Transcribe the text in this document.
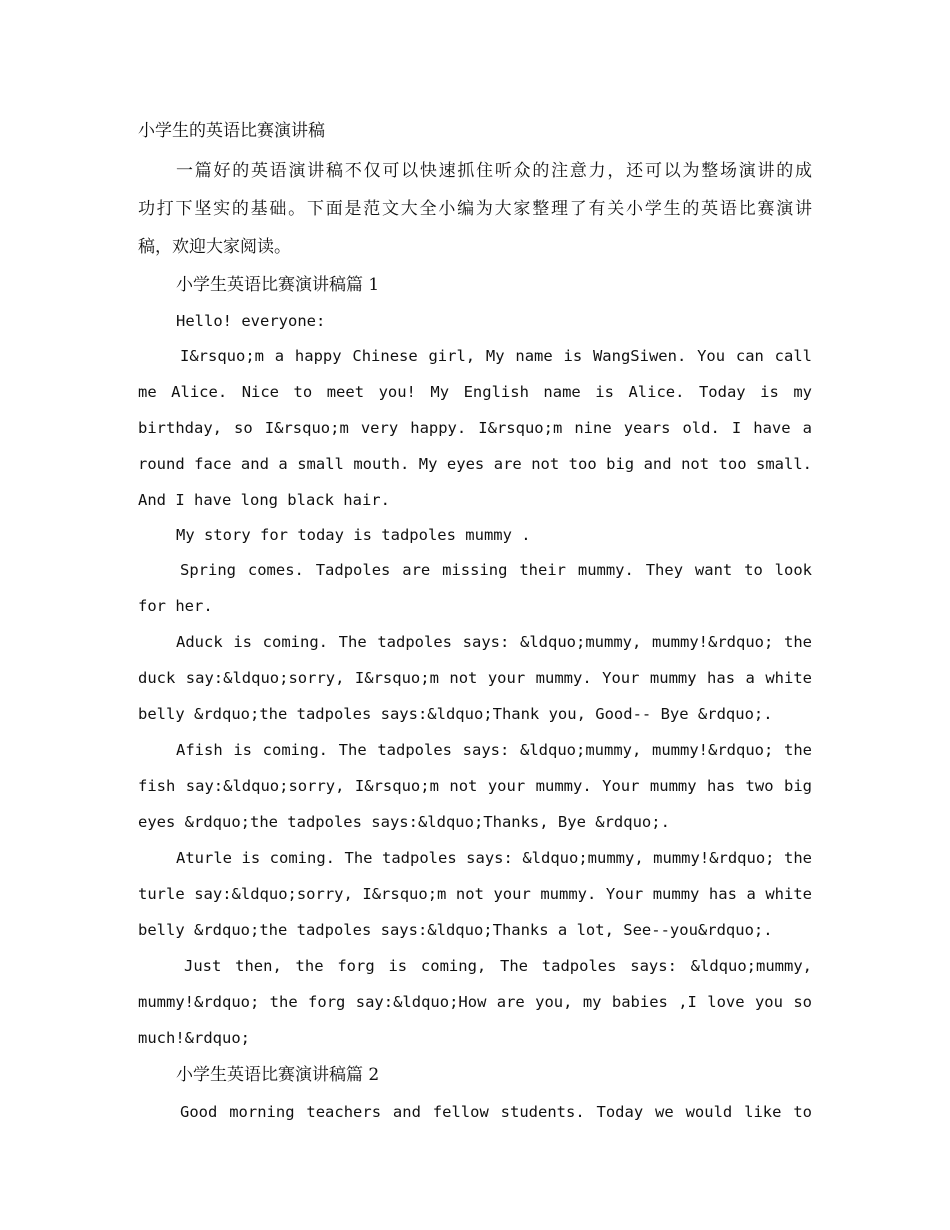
小学生的英语比赛演讲稿
一篇好的英语演讲稿不仅可以快速抓住听众的注意力，还可以为整场演讲的成
功打下坚实的基础。下面是范文大全小编为大家整理了有关小学生的英语比赛演讲
稿，欢迎大家阅读。
小学生英语比赛演讲稿篇 1
Hello! everyone:
I&rsquo;m a happy Chinese girl, My name is WangSiwen. You can call
me Alice. Nice to meet you! My English name is Alice. Today is my
birthday, so I&rsquo;m very happy. I&rsquo;m nine years old. I have a
round face and a small mouth. My eyes are not too big and not too small.
And I have long black hair.
My story for today is tadpoles mummy .
Spring comes. Tadpoles are missing their mummy. They want to look
for her.
Aduck is coming. The tadpoles says: &ldquo;mummy, mummy!&rdquo; the
duck say:&ldquo;sorry, I&rsquo;m not your mummy. Your mummy has a white
belly &rdquo;the tadpoles says:&ldquo;Thank you, Good-- Bye &rdquo;.
Afish is coming. The tadpoles says: &ldquo;mummy, mummy!&rdquo; the
fish say:&ldquo;sorry, I&rsquo;m not your mummy. Your mummy has two big
eyes &rdquo;the tadpoles says:&ldquo;Thanks, Bye &rdquo;.
Aturle is coming. The tadpoles says: &ldquo;mummy, mummy!&rdquo; the
turle say:&ldquo;sorry, I&rsquo;m not your mummy. Your mummy has a white
belly &rdquo;the tadpoles says:&ldquo;Thanks a lot, See--you&rdquo;.
Just then, the forg is coming, The tadpoles says: &ldquo;mummy,
mummy!&rdquo; the forg say:&ldquo;How are you, my babies ,I love you so
much!&rdquo;
小学生英语比赛演讲稿篇 2
Good morning teachers and fellow students. Today we would like to
